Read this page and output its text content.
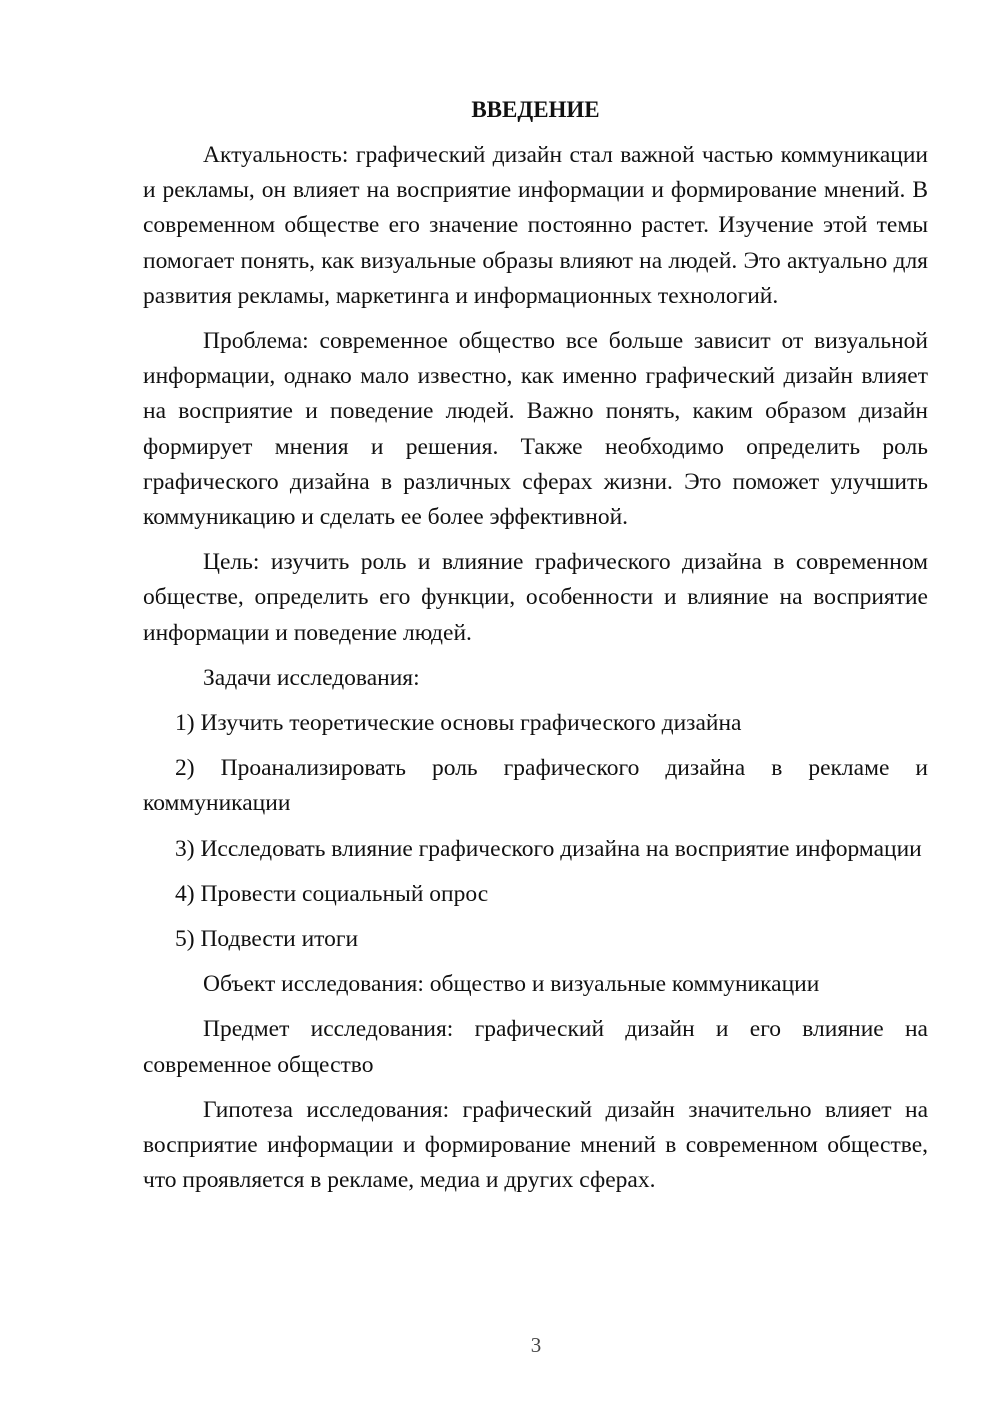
ВВЕДЕНИЕ

Актуальность: графический дизайн стал важной частью коммуникации и рекламы, он влияет на восприятие информации и формирование мнений. В современном обществе его значение постоянно растет. Изучение этой темы помогает понять, как визуальные образы влияют на людей. Это актуально для развития рекламы, маркетинга и информационных технологий.

Проблема: современное общество все больше зависит от визуальной информации, однако мало известно, как именно графический дизайн влияет на восприятие и поведение людей. Важно понять, каким образом дизайн формирует мнения и решения. Также необходимо определить роль графического дизайна в различных сферах жизни. Это поможет улучшить коммуникацию и сделать ее более эффективной.

Цель: изучить роль и влияние графического дизайна в современном обществе, определить его функции, особенности и влияние на восприятие информации и поведение людей.

Задачи исследования:

1) Изучить теоретические основы графического дизайна

2) Проанализировать роль графического дизайна в рекламе и коммуникации

3) Исследовать влияние графического дизайна на восприятие информации

4) Провести социальный опрос

5) Подвести итоги

Объект исследования: общество и визуальные коммуникации

Предмет исследования: графический дизайн и его влияние на современное общество

Гипотеза исследования: графический дизайн значительно влияет на восприятие информации и формирование мнений в современном обществе, что проявляется в рекламе, медиа и других сферах.

3
